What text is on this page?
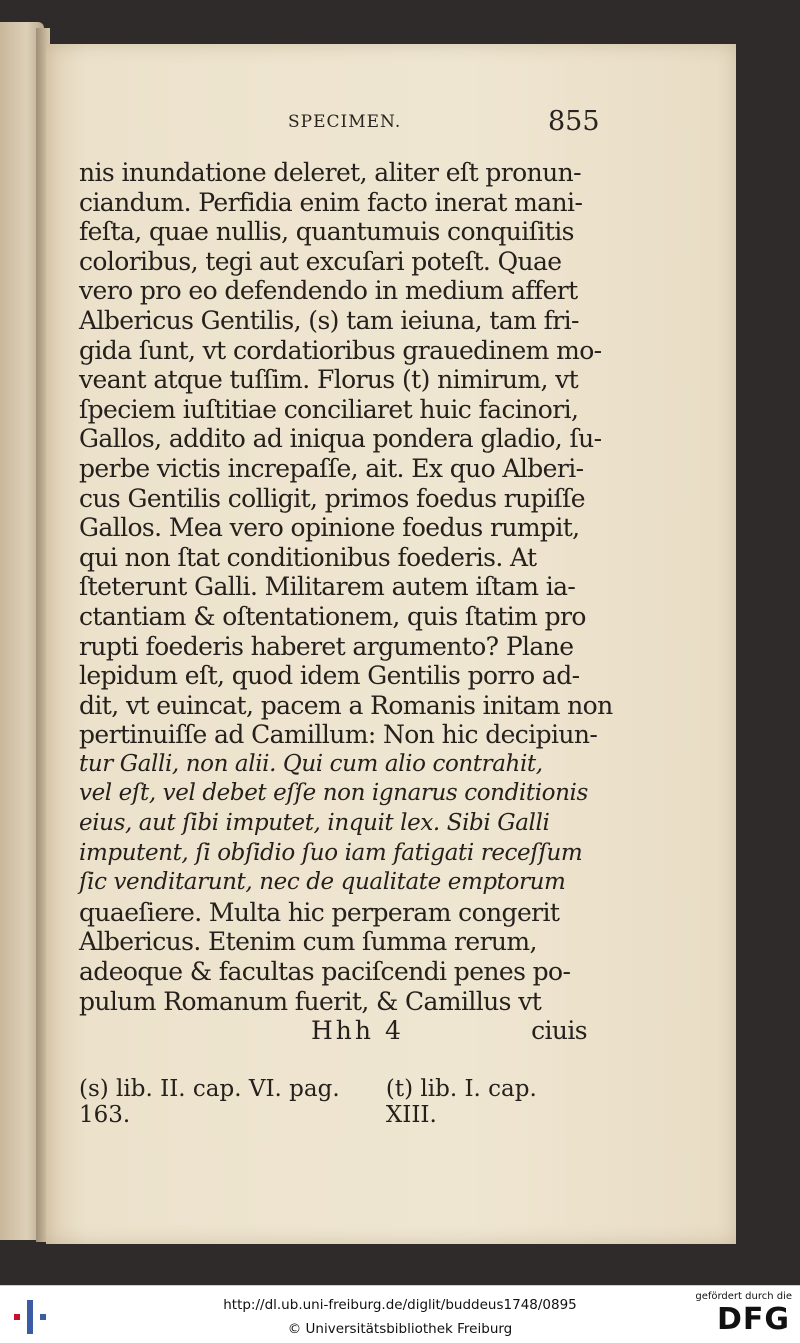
SPECIMEN.	855
nis inundatione deleret, aliter eſt pronun-
ciandum. Perfidia enim facto inerat mani-
feſta, quae nullis, quantumuis conquiſitis
coloribus, tegi aut excuſari poteſt. Quae
vero pro eo defendendo in medium affert
Albericus Gentilis, (s) tam ieiuna, tam fri-
gida ſunt, vt cordatioribus grauedinem mo-
veant atque tuſſim. Florus (t) nimirum, vt
ſpeciem iuſtitiae conciliaret huic facinori,
Gallos, addito ad iniqua pondera gladio, ſu-
perbe victis increpaſſe, ait. Ex quo Alberi-
cus Gentilis colligit, primos foedus rupiſſe
Gallos. Mea vero opinione foedus rumpit,
qui non ſtat conditionibus foederis. At
ſteterunt Galli. Militarem autem iſtam ia-
ctantiam & oſtentationem, quis ſtatim pro
rupti foederis haberet argumento? Plane
lepidum eſt, quod idem Gentilis porro ad-
dit, vt euincat, pacem a Romanis initam non
pertinuiſſe ad Camillum: Non hic decipiun-
tur Galli, non alii. Qui cum alio contrahit,
vel eſt, vel debet eſſe non ignarus conditionis
eius, aut ſibi imputet, inquit lex. Sibi Galli
imputent, ſi obſidio ſuo iam fatigati receſſum
ſic venditarunt, nec de qualitate emptorum
quaeſiere. Multa hic perperam congerit
Albericus. Etenim cum ſumma rerum,
adeoque & facultas paciſcendi penes po-
pulum Romanum fuerit, & Camillus vt
Hhh 4	ciuis
(s) lib. II. cap. VI. pag. 163.
(t) lib. I. cap. XIII.
http://dl.ub.uni-freiburg.de/diglit/buddeus1748/0895
© Universitätsbibliothek Freiburg
gefördert durch die
DFG
